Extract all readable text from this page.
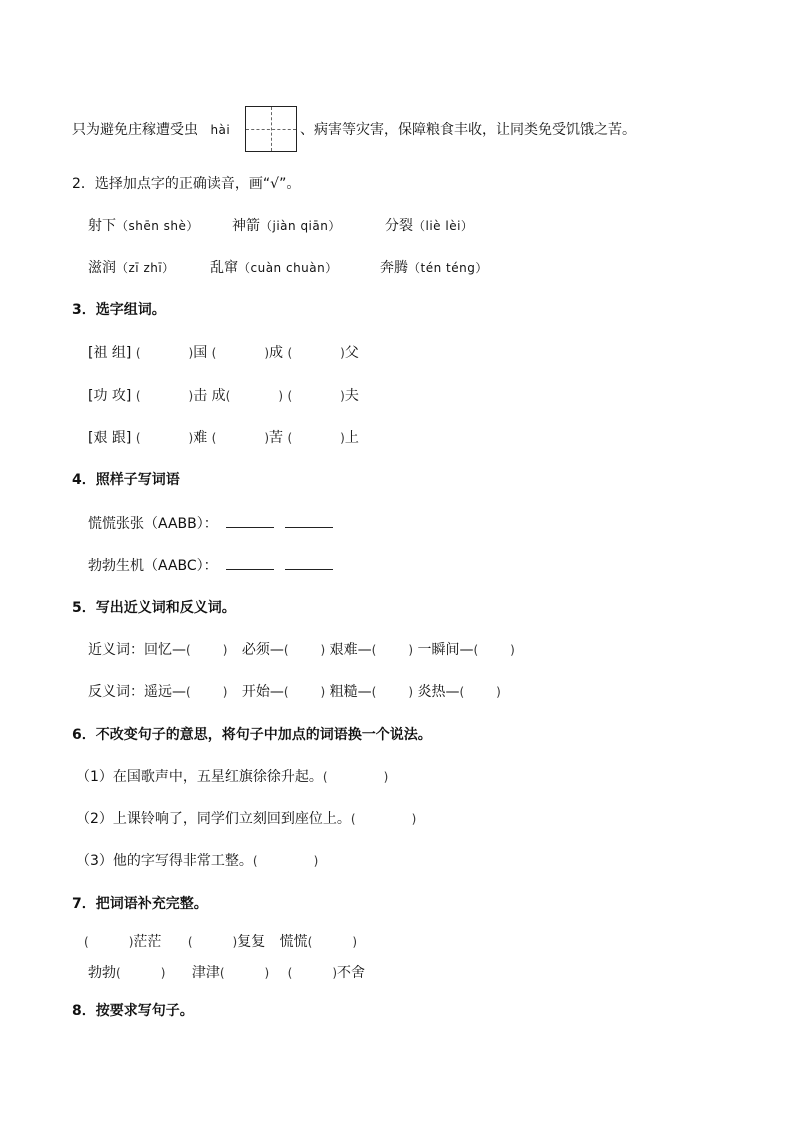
只为避免庄稼遭受虫 hài	、病害等灾害，保障粮食丰收，让同类免受饥饿之苦。
2．选择加点字的正确读音，画“√”。
射下（shēn shè） 神箭（jiàn qiān）	分裂（liè lèi）
滋润（zī zhī）	乱窜（cuàn chuàn）	奔腾（tén téng）
3．选字组词。
[祖 组] (	)国 (	)成 (	)父
[功 攻] (	)击 成(	) (	)夫
[艰 跟] (	)难 (	)苦 (	)上
4．照样子写词语
慌慌张张（AABB）：
勃勃生机（AABC）：
5．写出近义词和反义词。
近义词：回忆—(	) 必须—(	) 艰难—(	) 一瞬间—(	)
反义词：遥远—(	) 开始—(	) 粗糙—(	) 炎热—(	)
6．不改变句子的意思，将句子中加点的词语换一个说法。
（1）在国歌声中，五星红旗徐徐升起。(	)
（2）上课铃响了，同学们立刻回到座位上。(	)
（3）他的字写得非常工整。(	)
7．把词语补充完整。
(	)茫茫 (	)复复 慌慌(	)
勃勃(	) 津津(	) (	)不舍
8．按要求写句子。
